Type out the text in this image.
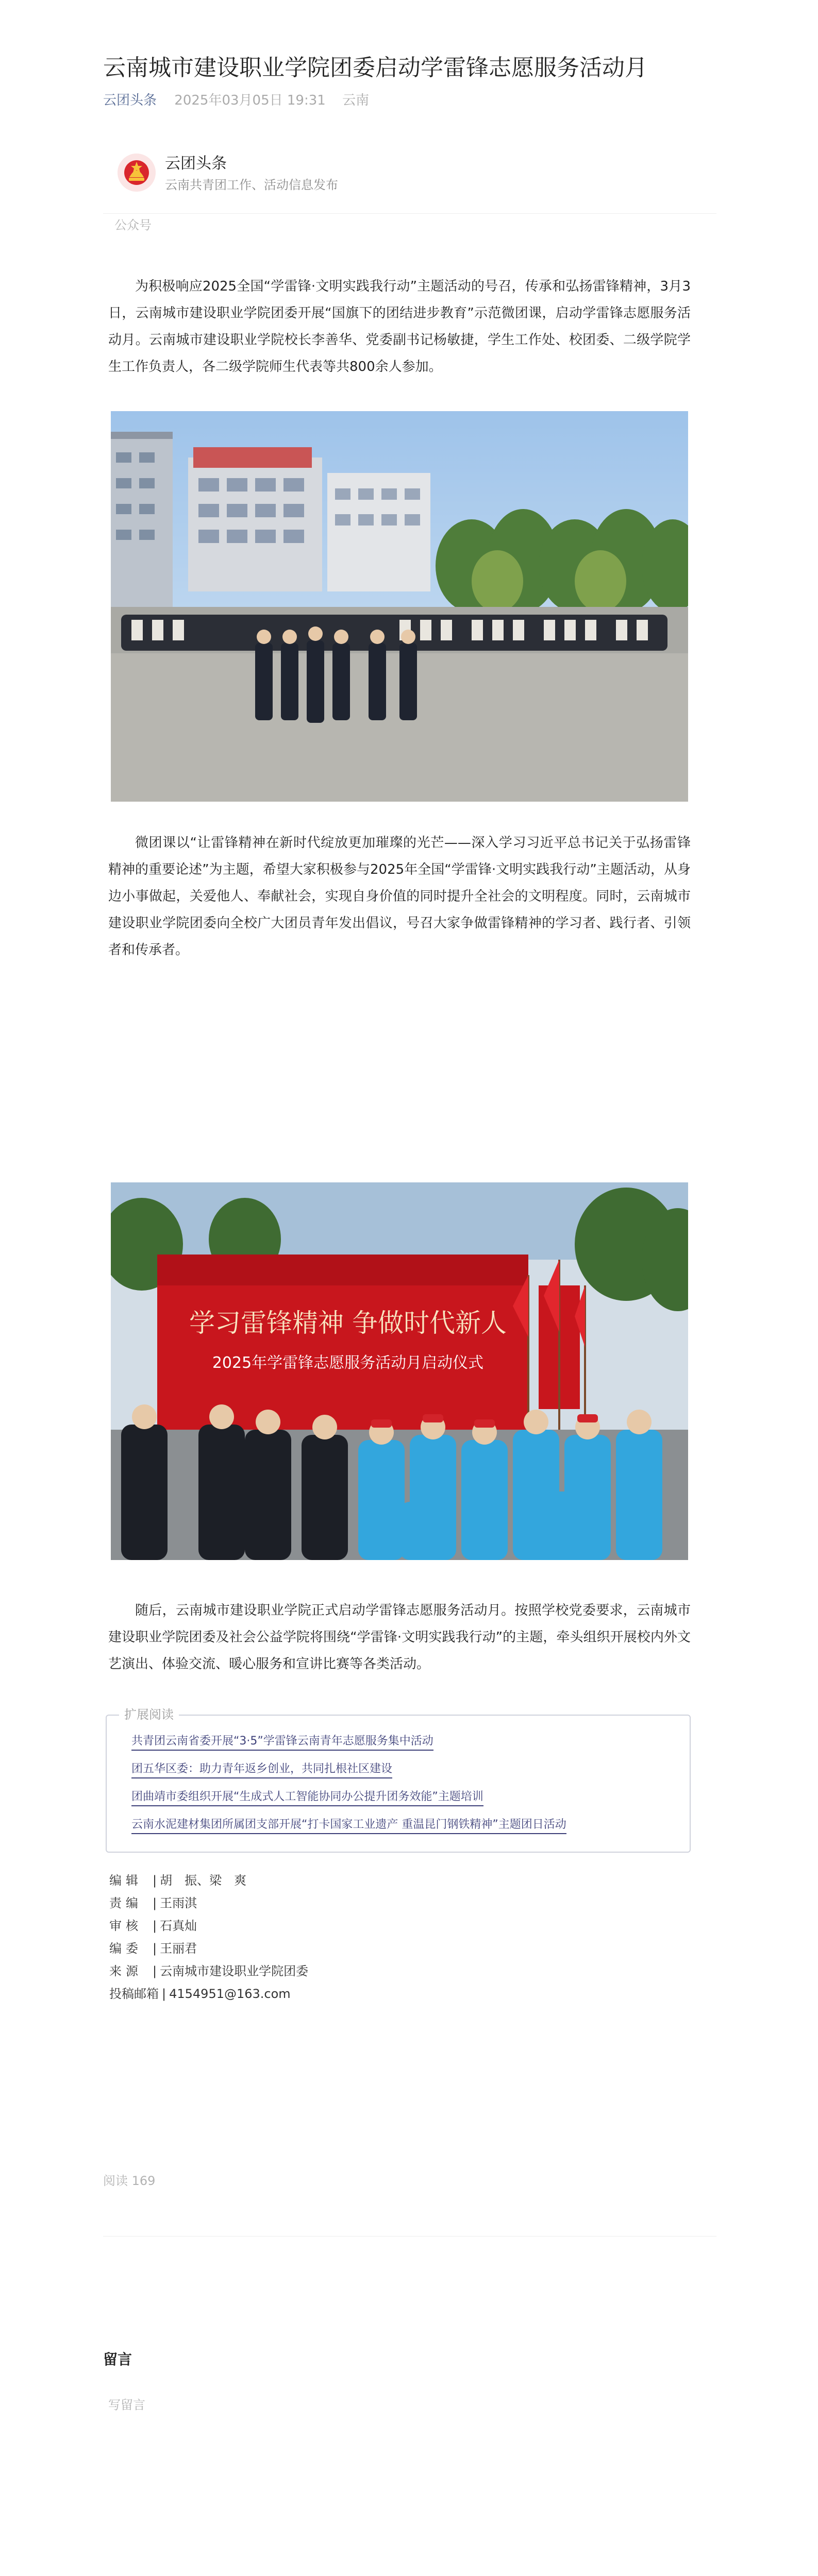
云南城市建设职业学院团委启动学雷锋志愿服务活动月
云团头条 2025年03月05日 19:31 云南
云团头条
云南共青团工作、活动信息发布
公众号

为积极响应2025全国“学雷锋·文明实践我行动”主题活动的号召，传承和弘扬雷锋精神，3月3日，云南城市建设职业学院团委开展“国旗下的团结进步教育”示范微团课，启动学雷锋志愿服务活动月。云南城市建设职业学院校长李善华、党委副书记杨敏捷，学生工作处、校团委、二级学院学生工作负责人，各二级学院师生代表等共800余人参加。

微团课以“让雷锋精神在新时代绽放更加璀璨的光芒——深入学习习近平总书记关于弘扬雷锋精神的重要论述”为主题，希望大家积极参与2025年全国“学雷锋·文明实践我行动”主题活动，从身边小事做起，关爱他人、奉献社会，实现自身价值的同时提升全社会的文明程度。同时，云南城市建设职业学院团委向全校广大团员青年发出倡议，号召大家争做雷锋精神的学习者、践行者、引领者和传承者。

学习雷锋精神 争做时代新人
2025年学雷锋志愿服务活动月启动仪式

随后，云南城市建设职业学院正式启动学雷锋志愿服务活动月。按照学校党委要求，云南城市建设职业学院团委及社会公益学院将围绕“学雷锋·文明实践我行动”的主题，牵头组织开展校内外文艺演出、体验交流、暖心服务和宣讲比赛等各类活动。

扩展阅读
共青团云南省委开展“3·5”学雷锋云南青年志愿服务集中活动
团五华区委：助力青年返乡创业，共同扎根社区建设
团曲靖市委组织开展“生成式人工智能协同办公提升团务效能”主题培训
云南水泥建材集团所属团支部开展“打卡国家工业遗产 重温昆门钢铁精神”主题团日活动
编辑 | 胡　振、梁　爽
责编 | 王雨淇
审核 | 石真灿
编委 | 王丽君
来源 | 云南城市建设职业学院团委
投稿邮箱 | 4154951@163.com
阅读 169
留言
写留言
